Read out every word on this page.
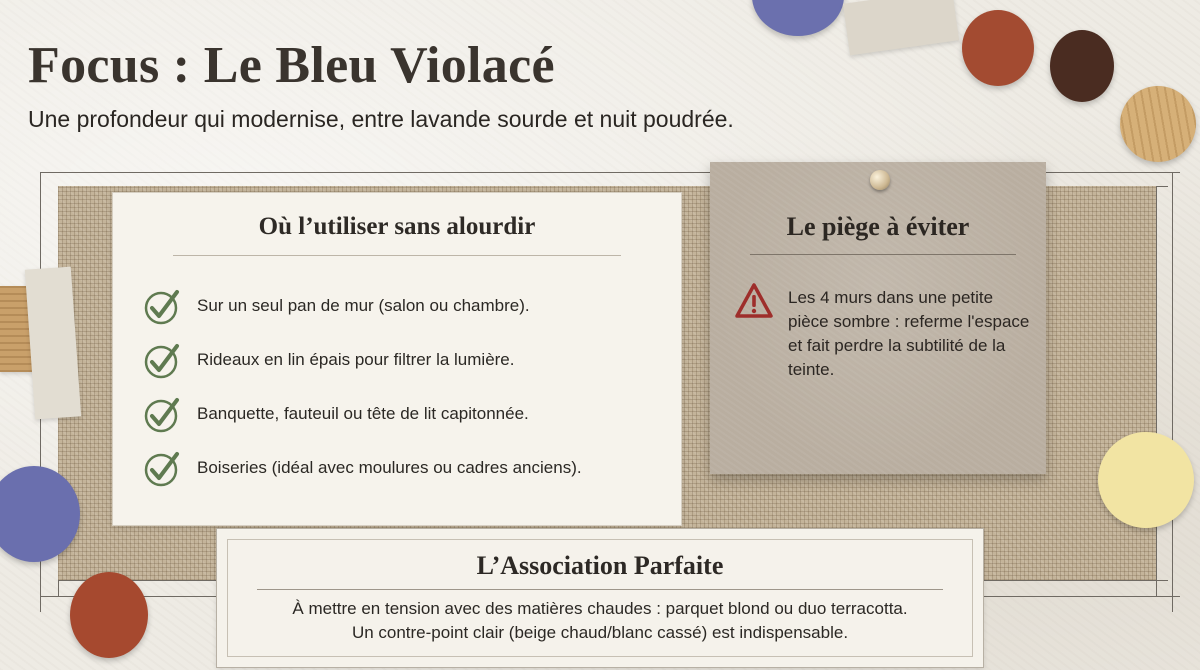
Focus : Le Bleu Violacé

Une profondeur qui modernise, entre lavande sourde et nuit poudrée.

Où l’utiliser sans alourdir
Sur un seul pan de mur (salon ou chambre).
Rideaux en lin épais pour filtrer la lumière.
Banquette, fauteuil ou tête de lit capitonnée.
Boiseries (idéal avec moulures ou cadres anciens).
Le piège à éviter

Les 4 murs dans une petite pièce sombre : referme l'espace et fait perdre la subtilité de la teinte.

L’Association Parfaite

À mettre en tension avec des matières chaudes : parquet blond ou duo terracotta.

Un contre-point clair (beige chaud/blanc cassé) est indispensable.
